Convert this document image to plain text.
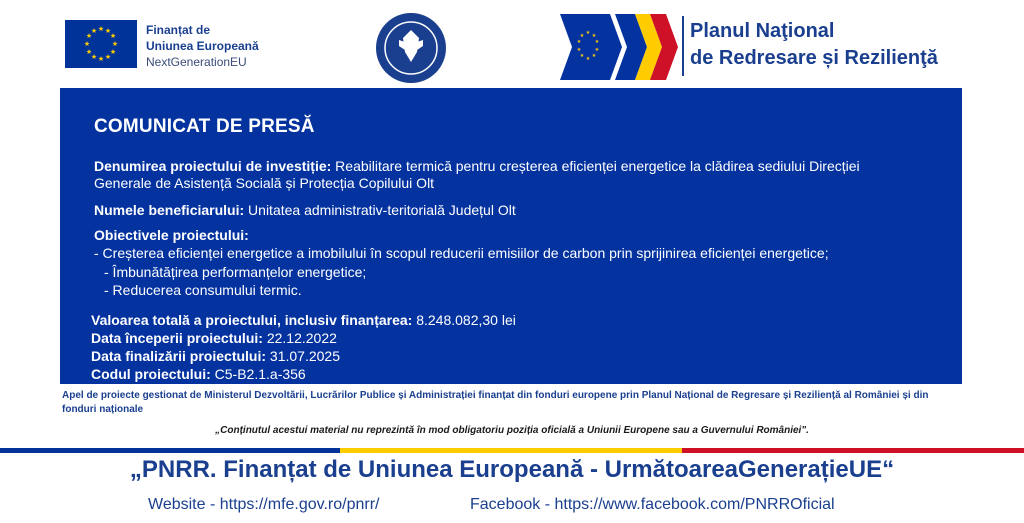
★ ★
★
★
★
★
★
★
★
★
★
★	Finanțat de
Uniunea Europeană
NextGenerationEU
★ ★
★
★
★
★
★
★
★
★	Planul Naţional
de Redresare și Rezilienţă
COMUNICAT DE PRESĂ
Denumirea proiectului de investiție: Reabilitare termică pentru creșterea eficienței energetice la clădirea sediului Direcției
Generale de Asistență Socială și Protecția Copilului Olt
Numele beneficiarului: Unitatea administrativ-teritorială Județul Olt
Obiectivele proiectului:
- Creșterea eficienței energetice a imobilului în scopul reducerii emisiilor de carbon prin sprijinirea eficienței energetice;
- Îmbunătățirea performanțelor energetice;
- Reducerea consumului termic.
Valoarea totală a proiectului, inclusiv finanțarea: 8.248.082,30 lei
Data începerii proiectului: 22.12.2022
Data finalizării proiectului: 31.07.2025
Codul proiectului: C5-B2.1.a-356
Apel de proiecte gestionat de Ministerul Dezvoltării, Lucrărilor Publice și Administrației finanțat din fonduri europene prin Planul Național de Regresare și Reziliență al României și din fonduri naționale
„Conținutul acestui material nu reprezintă în mod obligatoriu poziția oficială a Uniunii Europene sau a Guvernului României".
„PNRR. Finanțat de Uniunea Europeană - UrmătoareaGenerațieUE“
Website - https://mfe.gov.ro/pnrr/	Facebook - https://www.facebook.com/PNRROficial
